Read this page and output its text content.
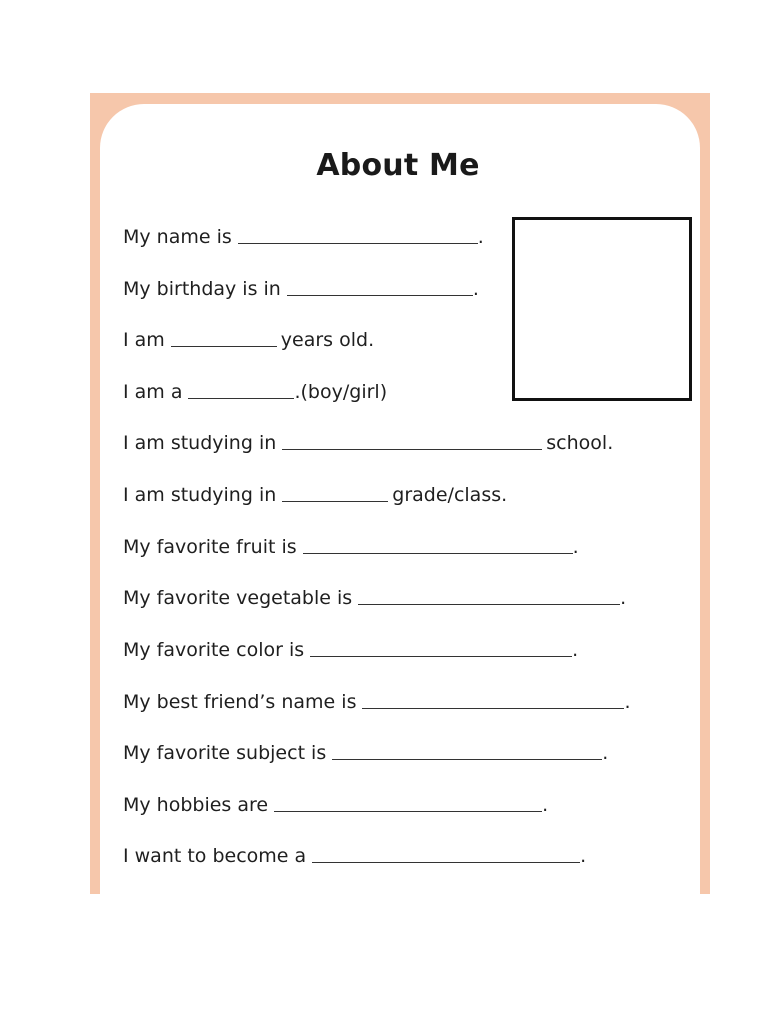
About Me
My name is	.
My birthday is in	.
I am	years old.
I am a	.(boy/girl)
I am studying in	school.
I am studying in	grade/class.
My favorite fruit is	.
My favorite vegetable is	.
My favorite color is	.
My best friend’s name is	.
My favorite subject is	.
My hobbies are	.
I want to become a	.
